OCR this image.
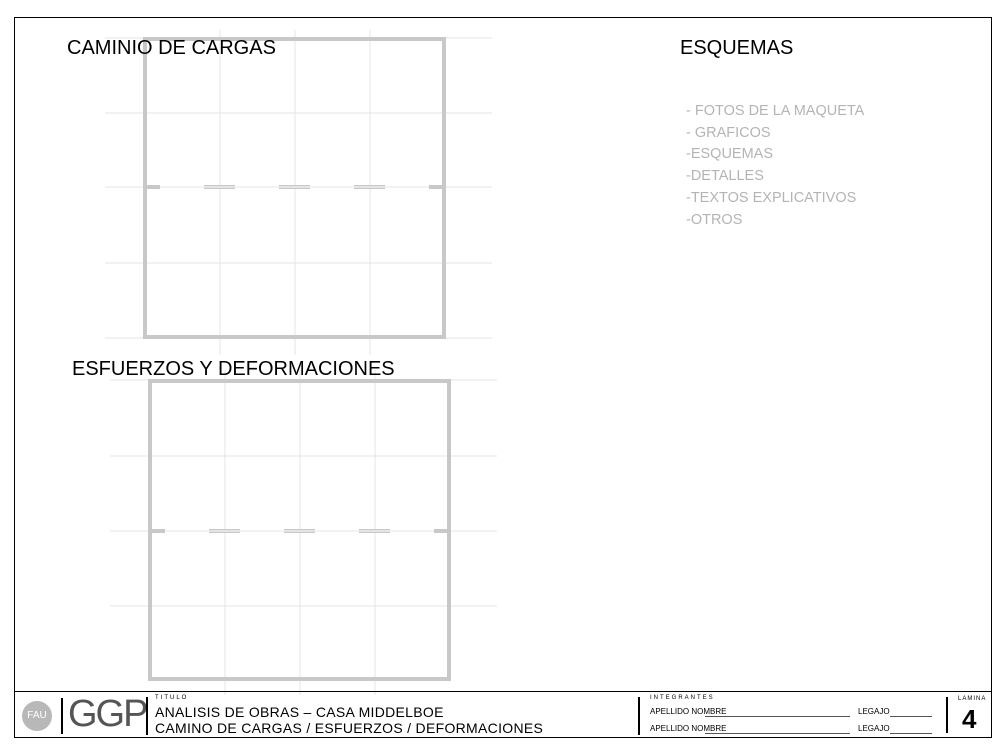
CAMINIO DE CARGAS
ESFUERZOS Y DEFORMACIONES
ESQUEMAS
- FOTOS DE LA MAQUETA
- GRAFICOS
-ESQUEMAS
-DETALLES
-TEXTOS EXPLICATIVOS
-OTROS
FAU GGP TITULO
ANALISIS DE OBRAS – CASA MIDDELBOE
CAMINO DE CARGAS / ESFUERZOS / DEFORMACIONES
INTEGRANTES
APELLIDO NOMBRE	LEGAJO
APELLIDO NOMBRE	LEGAJO
LAMINA
4
